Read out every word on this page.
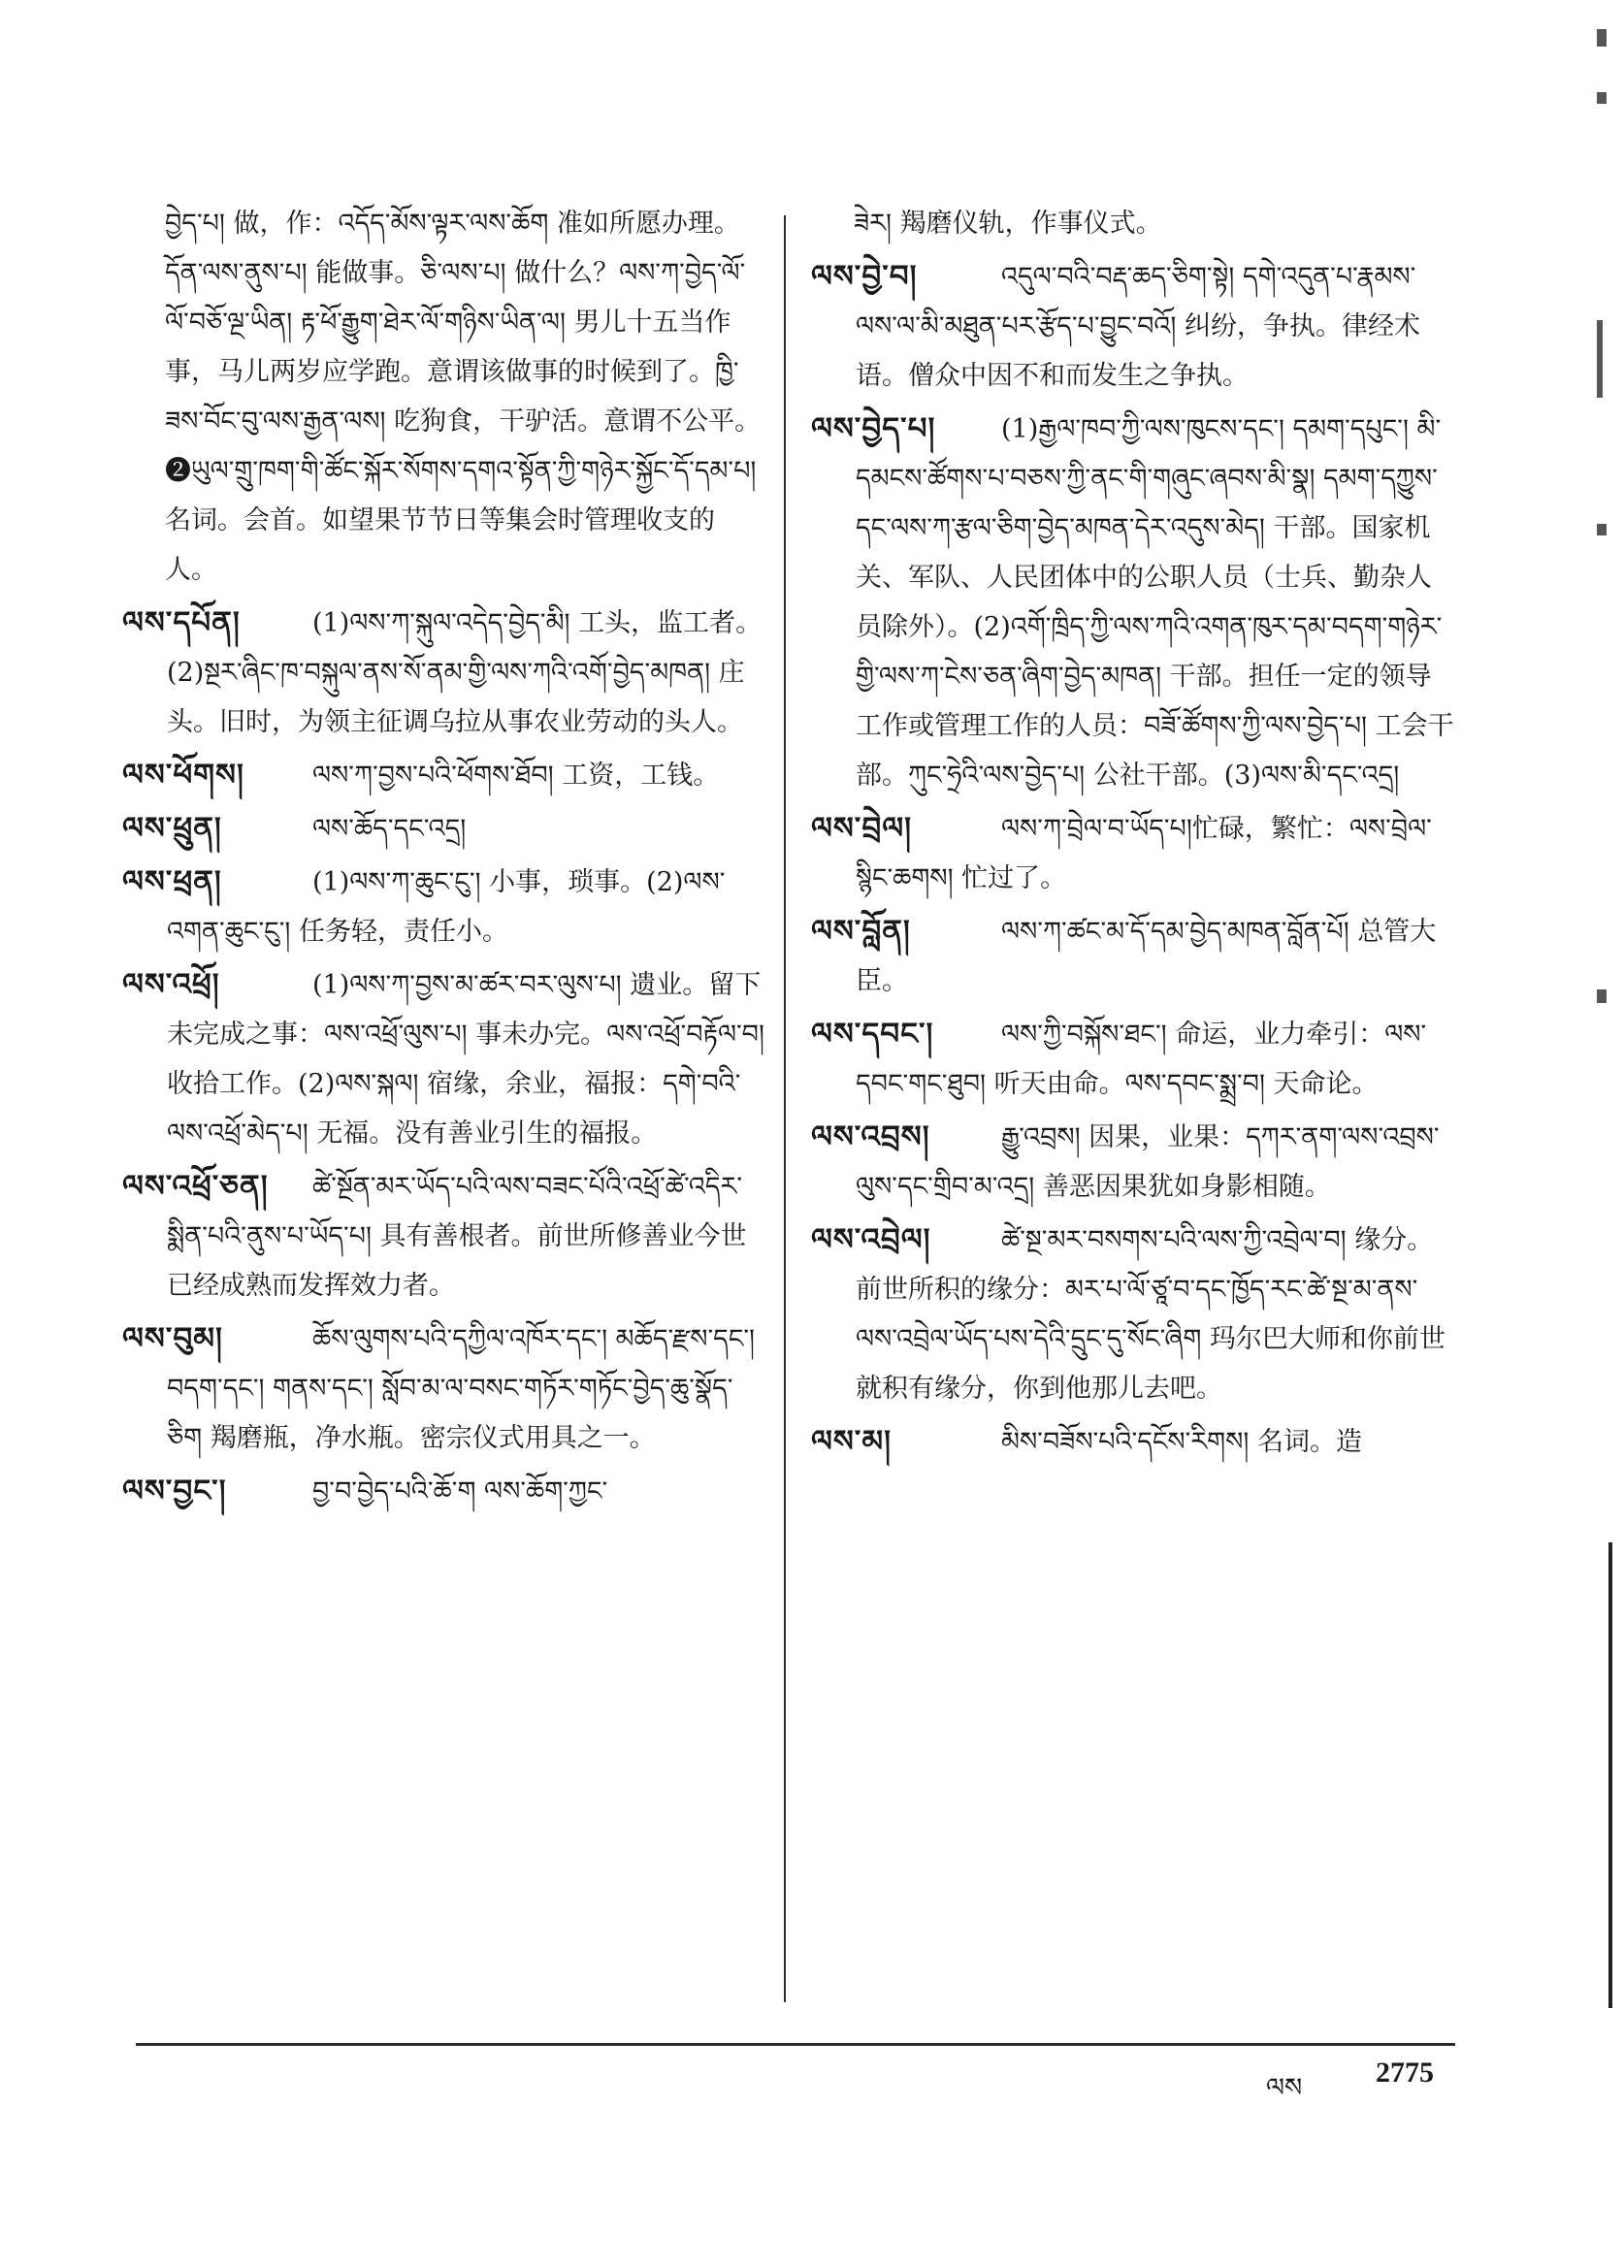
བྱེད་པ། 做，作：འདོད་མོས་ལྟར་ལས་ཆོག 准如所愿办理。དོན་ལས་ནུས་པ། 能做事。ཅི་ལས་པ། 做什么？ལས་ཀ་བྱེད་ལོ་ལོ་བཅོ་ལྔ་ཡིན། རྟ་ཕོ་རྒྱུག་ཐེར་ལོ་གཉིས་ཡིན་ལ། 男儿十五当作事，马儿两岁应学跑。意谓该做事的时候到了。ཁྱི་ཟས་བོང་བུ་ལས་རྒྱན་ལས། 吃狗食，干驴活。意谓不公平。❷ཡུལ་གྲུ་ཁག་གི་ཚོང་སྐོར་སོགས་དགའ་སྟོན་ཀྱི་གཉེར་སྐྱོང་དོ་དམ་པ། 名词。会首。如望果节节日等集会时管理收支的人。
ལས་དཔོན།	(1)ལས་ཀ་སྐུལ་འདེད་བྱེད་མི། 工头，监工者。(2)སྔར་ཞིང་ཁ་བསྐུལ་ནས་སོ་ནམ་གྱི་ལས་ཀའི་འགོ་བྱེད་མཁན། 庄头。旧时，为领主征调乌拉从事农业劳动的头人。
ལས་ཕོགས།	ལས་ཀ་བྱས་པའི་ཕོགས་ཐོབ། 工资，工钱。
ལས་ཕྲུན།	ལས་ཆོད་དང་འདྲ།
ལས་ཕྲན།	(1)ལས་ཀ་ཆུང་ངུ་། 小事，琐事。(2)ལས་འགན་ཆུང་ངུ་། 任务轻，责任小。
ལས་འཕྲོ།	(1)ལས་ཀ་བྱས་མ་ཚར་བར་ལུས་པ། 遗业。留下未完成之事：ལས་འཕྲོ་ལུས་པ། 事未办完。ལས་འཕྲོ་བརྟོལ་བ། 收拾工作。(2)ལས་སྐལ། 宿缘，余业，福报：དགེ་བའི་ལས་འཕྲོ་མེད་པ། 无福。没有善业引生的福报。
ལས་འཕྲོ་ཅན། ཚེ་སྔོན་མར་ཡོད་པའི་ལས་བཟང་པོའི་འཕྲོ་ཚེ་འདིར་སྨིན་པའི་ནུས་པ་ཡོད་པ། 具有善根者。前世所修善业今世已经成熟而发挥效力者。
ལས་བུམ།	ཆོས་ལུགས་པའི་དཀྱིལ་འཁོར་དང་། མཆོད་རྫས་དང་། བདག་དང་། གནས་དང་། སློབ་མ་ལ་བསང་གཏོར་གཏོང་བྱེད་ཆུ་སྣོད་ཅིག 羯磨瓶，净水瓶。密宗仪式用具之一。
ལས་བྱང་།	བྱ་བ་བྱེད་པའི་ཆོ་ག ལས་ཆོག་ཀྱང་
ཟེར། 羯磨仪轨，作事仪式。
ལས་བྱེ་བ།	འདུལ་བའི་བརྡ་ཆད་ཅིག་སྟེ། དགེ་འདུན་པ་རྣམས་ལས་ལ་མི་མཐུན་པར་རྩོད་པ་བྱུང་བའོ། 纠纷，争执。律经术语。僧众中因不和而发生之争执。
ལས་བྱེད་པ།	(1)རྒྱལ་ཁབ་ཀྱི་ལས་ཁུངས་དང་། དམག་དཔུང་། མི་དམངས་ཚོགས་པ་བཅས་ཀྱི་ནང་གི་གཞུང་ཞབས་མི་སྣ། དམག་དཀྱུས་དང་ལས་ཀ་རྩལ་ཅིག་བྱེད་མཁན་དེར་འདུས་མེད། 干部。国家机关、军队、人民团体中的公职人员（士兵、勤杂人员除外）。(2)འགོ་ཁྲིད་ཀྱི་ལས་ཀའི་འགན་ཁུར་དམ་བདག་གཉེར་གྱི་ལས་ཀ་ངེས་ཅན་ཞིག་བྱེད་མཁན། 干部。担任一定的领导工作或管理工作的人员：བཟོ་ཚོགས་ཀྱི་ལས་བྱེད་པ། 工会干部。ཀུང་ཧྲེའི་ལས་བྱེད་པ། 公社干部。(3)ལས་མི་དང་འདྲ།
ལས་བྲེལ།	ལས་ཀ་བྲེལ་བ་ཡོད་པ།忙碌，繁忙：ལས་བྲེལ་སྙིང་ཆགས། 忙过了。
ལས་བློན།	ལས་ཀ་ཚང་མ་དོ་དམ་བྱེད་མཁན་བློན་པོ། 总管大臣。
ལས་དབང་།	ལས་ཀྱི་བསྐོས་ཐང་། 命运，业力牵引：ལས་དབང་གང་ཐུབ། 听天由命。ལས་དབང་སྨྲ་བ། 天命论。
ལས་འབྲས།	རྒྱུ་འབྲས། 因果，业果：དཀར་ནག་ལས་འབྲས་ལུས་དང་གྲིབ་མ་འདྲ། 善恶因果犹如身影相随。
ལས་འབྲེལ།	ཚེ་སྔ་མར་བསགས་པའི་ལས་ཀྱི་འབྲེལ་བ། 缘分。前世所积的缘分：མར་པ་ལོ་ཙཱ་བ་དང་ཁྱོད་རང་ཚེ་སྔ་མ་ནས་ལས་འབྲེལ་ཡོད་པས་དེའི་དྲུང་དུ་སོང་ཞིག 玛尔巴大师和你前世就积有缘分，你到他那儿去吧。
ལས་མ།	མིས་བཟོས་པའི་དངོས་རིགས། 名词。造
ལས	2775
